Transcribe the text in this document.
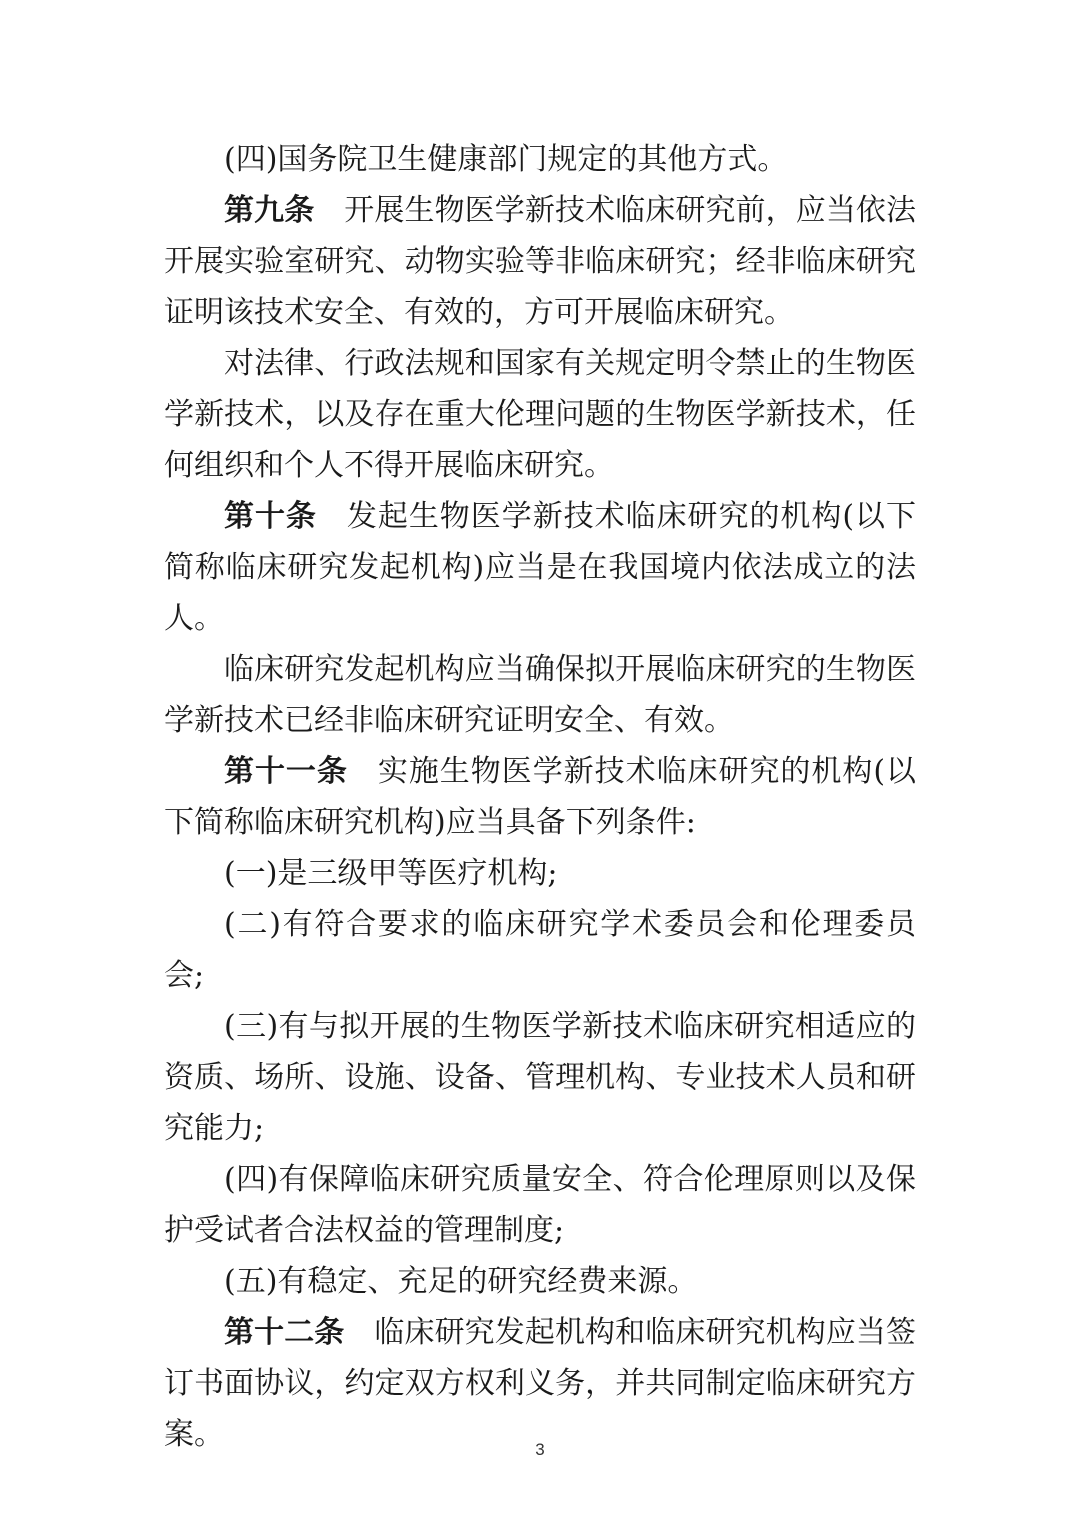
(四)国务院卫生健康部门规定的其他方式。

第九条 开展生物医学新技术临床研究前，应当依法开展实验室研究、动物实验等非临床研究；经非临床研究证明该技术安全、有效的，方可开展临床研究。

对法律、行政法规和国家有关规定明令禁止的生物医学新技术，以及存在重大伦理问题的生物医学新技术，任何组织和个人不得开展临床研究。

第十条 发起生物医学新技术临床研究的机构(以下简称临床研究发起机构)应当是在我国境内依法成立的法人。

临床研究发起机构应当确保拟开展临床研究的生物医学新技术已经非临床研究证明安全、有效。

第十一条 实施生物医学新技术临床研究的机构(以下简称临床研究机构)应当具备下列条件:

(一)是三级甲等医疗机构;

(二)有符合要求的临床研究学术委员会和伦理委员会;

(三)有与拟开展的生物医学新技术临床研究相适应的资质、场所、设施、设备、管理机构、专业技术人员和研究能力;

(四)有保障临床研究质量安全、符合伦理原则以及保护受试者合法权益的管理制度;

(五)有稳定、充足的研究经费来源。

第十二条 临床研究发起机构和临床研究机构应当签订书面协议，约定双方权利义务，并共同制定临床研究方案。	3
